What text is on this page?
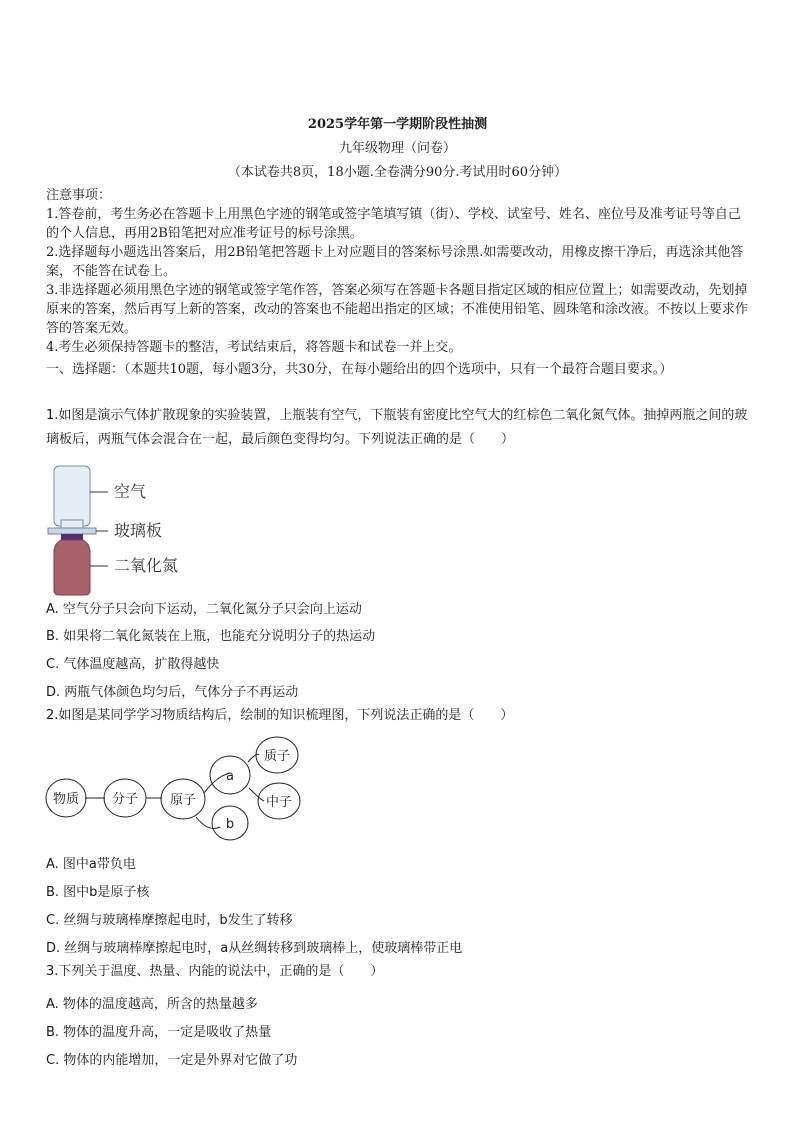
2025学年第一学期阶段性抽测
九年级物理（问卷）
（本试卷共8页，18小题.全卷满分90分.考试用时60分钟）

注意事项：

1.答卷前，考生务必在答题卡上用黑色字迹的钢笔或签字笔填写镇（街）、学校、试室号、姓名、座位号及准考证号等自己的个人信息，再用2B铅笔把对应准考证号的标号涂黑。

2.选择题每小题选出答案后，用2B铅笔把答题卡上对应题目的答案标号涂黑.如需要改动，用橡皮擦干净后，再选涂其他答案，不能答在试卷上。

3.非选择题必须用黑色字迹的钢笔或签字笔作答，答案必须写在答题卡各题目指定区域的相应位置上；如需要改动，先划掉原来的答案，然后再写上新的答案，改动的答案也不能超出指定的区域；不准使用铅笔、圆珠笔和涂改液。不按以上要求作答的答案无效。

4.考生必须保持答题卡的整洁，考试结束后，将答题卡和试卷一并上交。

一、选择题：（本题共10题，每小题3分，共30分，在每小题给出的四个选项中，只有一个最符合题目要求。）
1.如图是演示气体扩散现象的实验装置，上瓶装有空气，下瓶装有密度比空气大的红棕色二氧化氮气体。抽掉两瓶之间的玻璃板后，两瓶气体会混合在一起，最后颜色变得均匀。下列说法正确的是（　　）
空气
玻璃板
二氧化氮
A. 空气分子只会向下运动，二氧化氮分子只会向上运动
B. 如果将二氧化氮装在上瓶，也能充分说明分子的热运动
C. 气体温度越高，扩散得越快
D. 两瓶气体颜色均匀后，气体分子不再运动
2.如图是某同学学习物质结构后，绘制的知识梳理图，下列说法正确的是（　　）
物质	分子 原子
a
b
质子
中子
A. 图中a带负电
B. 图中b是原子核
C. 丝绸与玻璃棒摩擦起电时，b发生了转移
D. 丝绸与玻璃棒摩擦起电时，a从丝绸转移到玻璃棒上，使玻璃棒带正电
3.下列关于温度、热量、内能的说法中，正确的是（　　）
A. 物体的温度越高，所含的热量越多
B. 物体的温度升高，一定是吸收了热量
C. 物体的内能增加，一定是外界对它做了功
